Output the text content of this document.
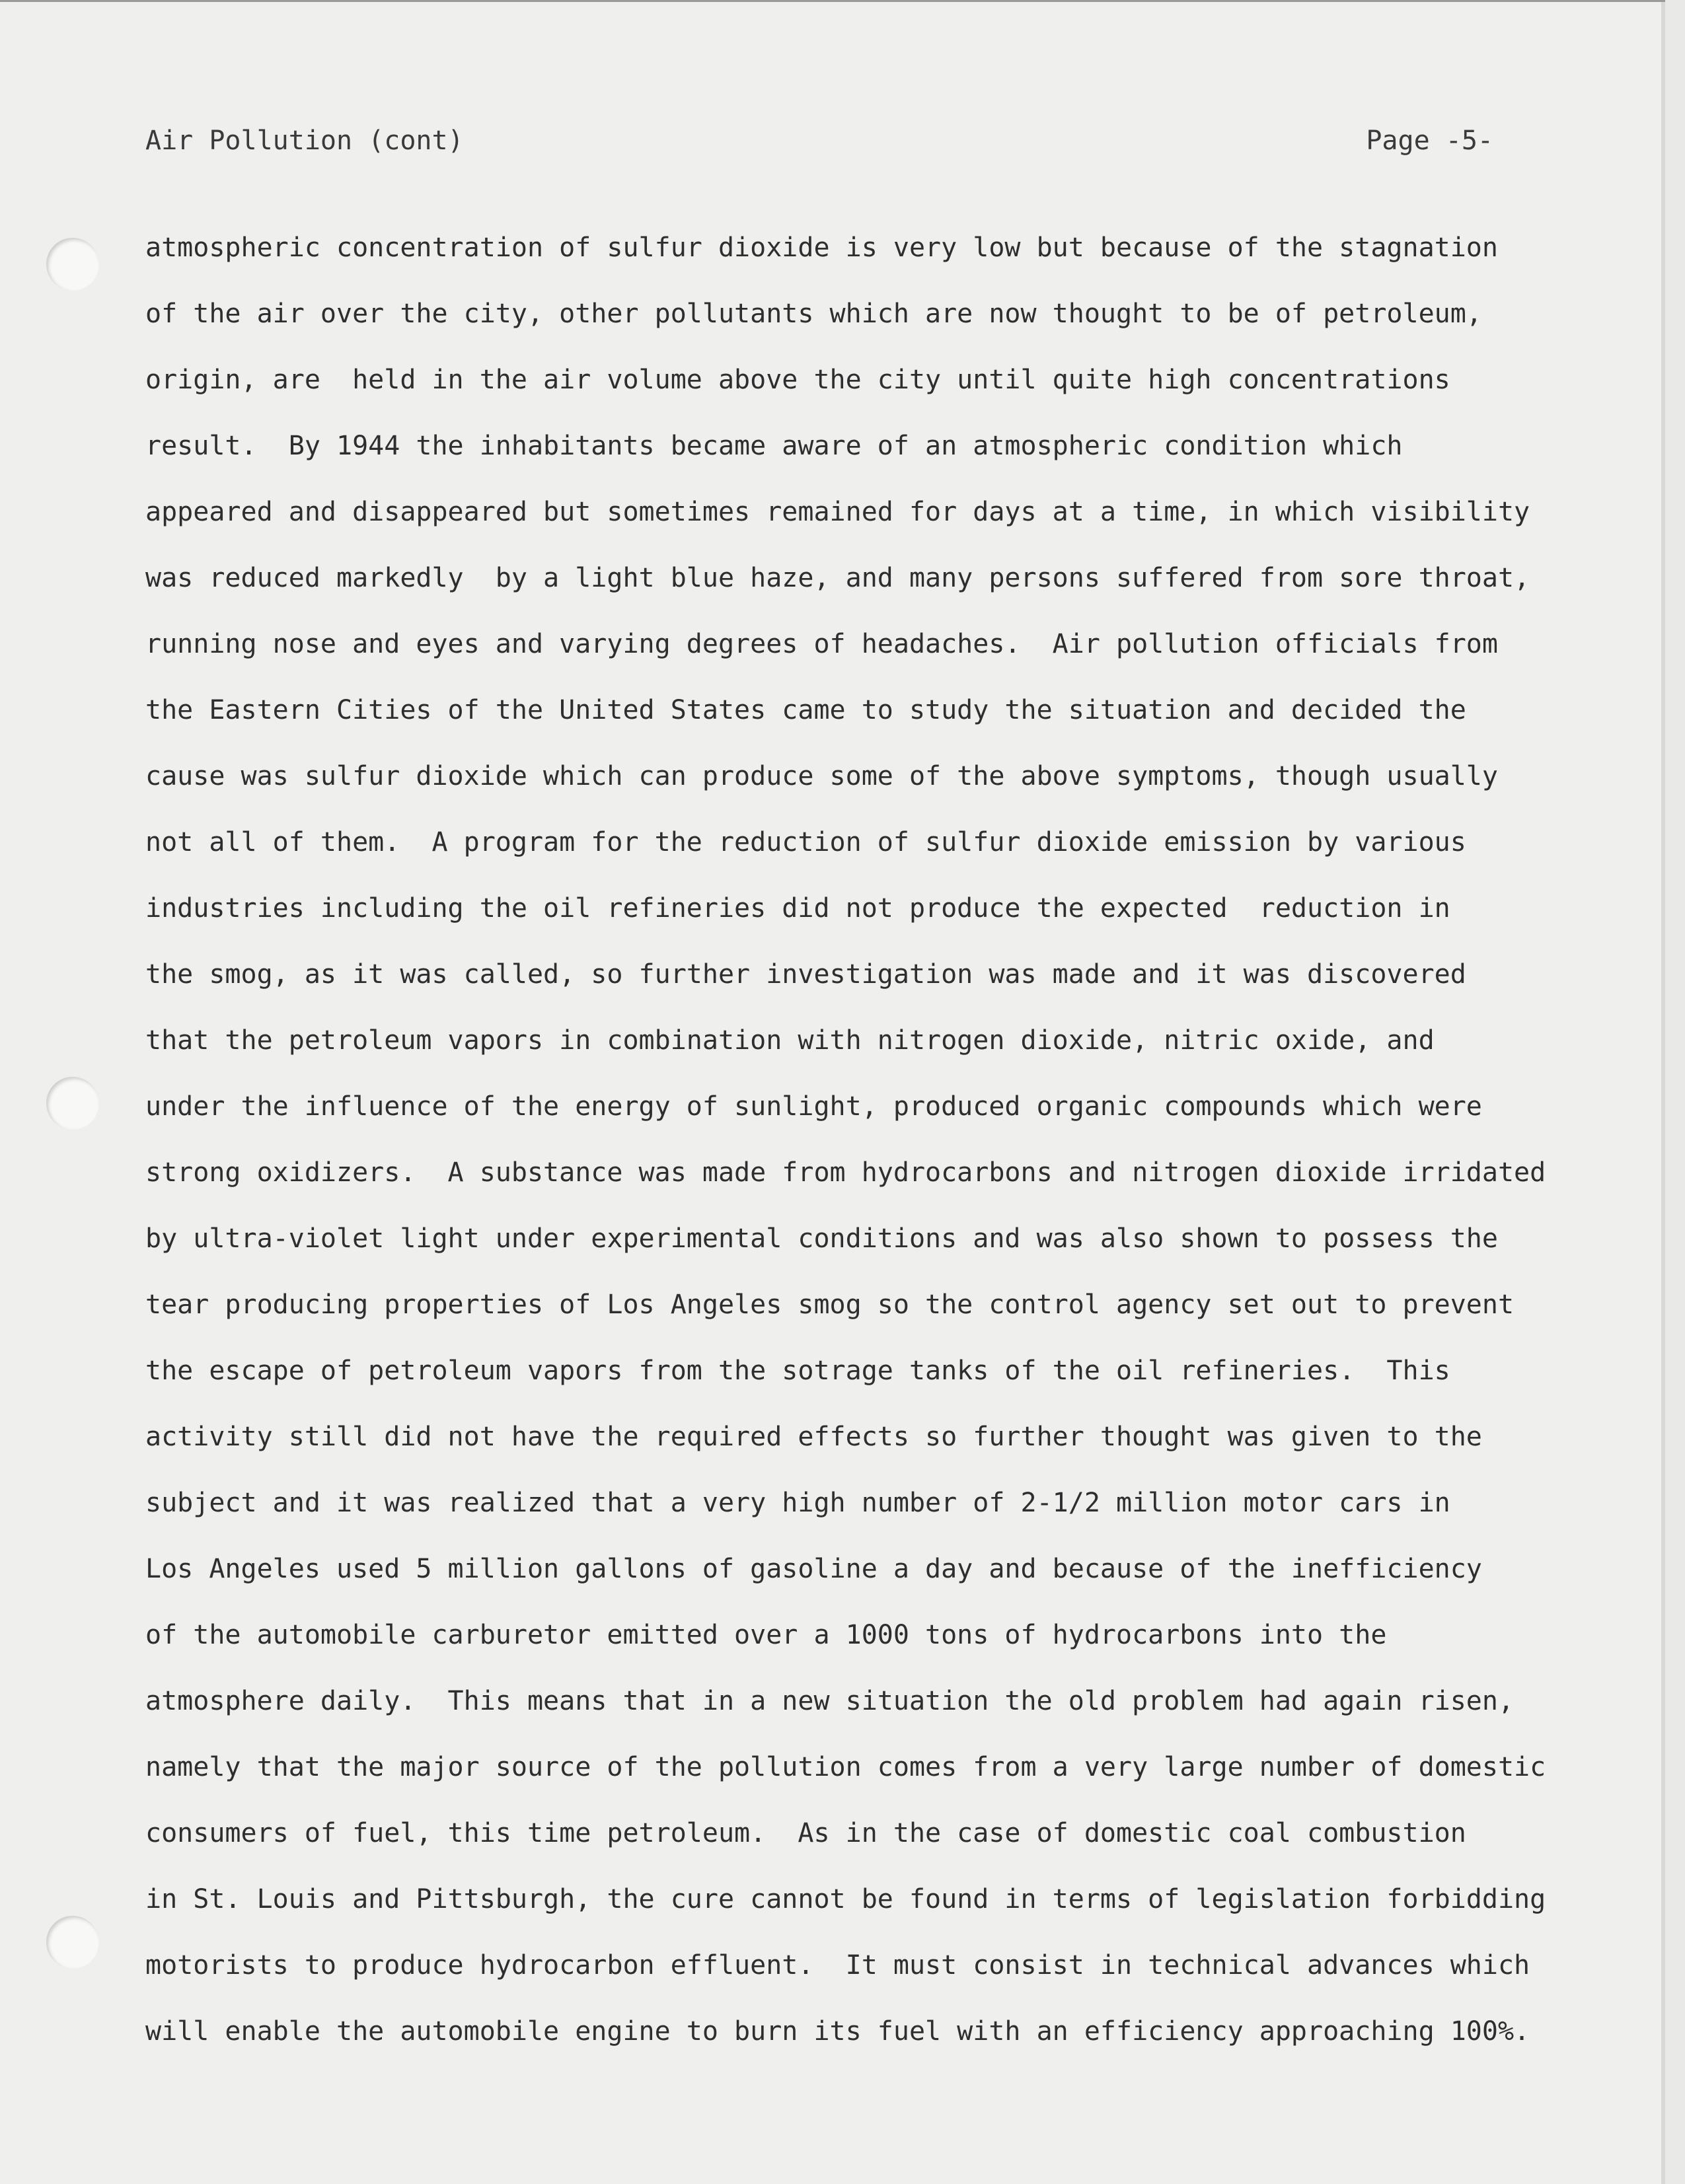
Air Pollution (cont)	Page -5-
atmospheric concentration of sulfur dioxide is very low but because of the stagnation
of the air over the city, other pollutants which are now thought to be of petroleum,
origin, are  held in the air volume above the city until quite high concentrations
result.  By 1944 the inhabitants became aware of an atmospheric condition which
appeared and disappeared but sometimes remained for days at a time, in which visibility
was reduced markedly  by a light blue haze, and many persons suffered from sore throat,
running nose and eyes and varying degrees of headaches.  Air pollution officials from
the Eastern Cities of the United States came to study the situation and decided the
cause was sulfur dioxide which can produce some of the above symptoms, though usually
not all of them.  A program for the reduction of sulfur dioxide emission by various
industries including the oil refineries did not produce the expected  reduction in
the smog, as it was called, so further investigation was made and it was discovered
that the petroleum vapors in combination with nitrogen dioxide, nitric oxide, and
under the influence of the energy of sunlight, produced organic compounds which were
strong oxidizers.  A substance was made from hydrocarbons and nitrogen dioxide irridated
by ultra-violet light under experimental conditions and was also shown to possess the
tear producing properties of Los Angeles smog so the control agency set out to prevent
the escape of petroleum vapors from the sotrage tanks of the oil refineries.  This
activity still did not have the required effects so further thought was given to the
subject and it was realized that a very high number of 2-1/2 million motor cars in
Los Angeles used 5 million gallons of gasoline a day and because of the inefficiency
of the automobile carburetor emitted over a 1000 tons of hydrocarbons into the
atmosphere daily.  This means that in a new situation the old problem had again risen,
namely that the major source of the pollution comes from a very large number of domestic
consumers of fuel, this time petroleum.  As in the case of domestic coal combustion
in St. Louis and Pittsburgh, the cure cannot be found in terms of legislation forbidding
motorists to produce hydrocarbon effluent.  It must consist in technical advances which
will enable the automobile engine to burn its fuel with an efficiency approaching 100%.
